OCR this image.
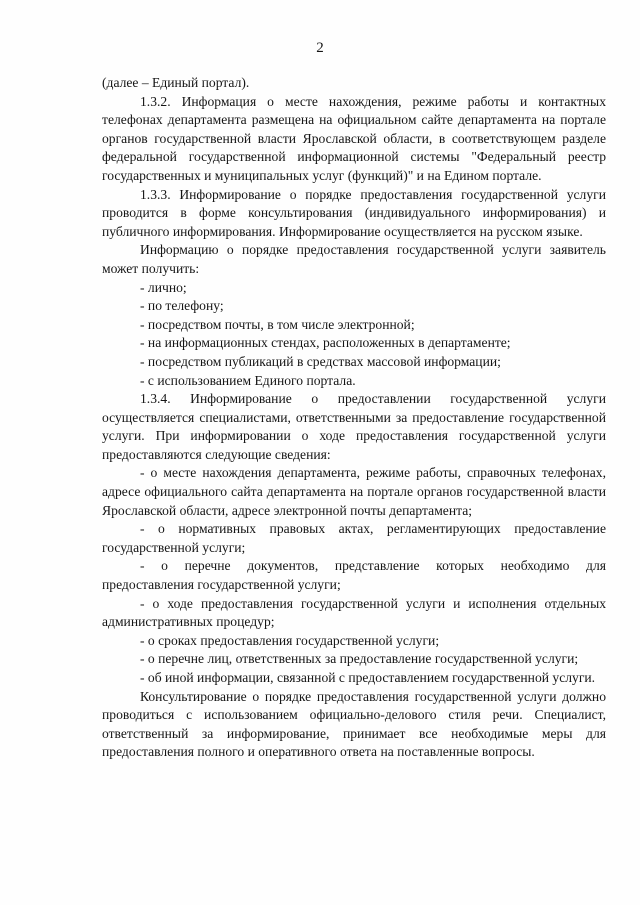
2

(далее – Единый портал).

1.3.2. Информация о месте нахождения, режиме работы и контактных телефонах департамента размещена на официальном сайте департамента на портале органов государственной власти Ярославской области, в соответствующем разделе федеральной государственной информационной системы "Федеральный реестр государственных и муниципальных услуг (функций)" и на Едином портале.

1.3.3. Информирование о порядке предоставления государственной услуги проводится в форме консультирования (индивидуального информирования) и публичного информирования. Информирование осуществляется на русском языке.

Информацию о порядке предоставления государственной услуги заявитель может получить:

- лично;

- по телефону;

- посредством почты, в том числе электронной;

- на информационных стендах, расположенных в департаменте;

- посредством публикаций в средствах массовой информации;

- с использованием Единого портала.

1.3.4. Информирование о предоставлении государственной услуги осуществляется специалистами, ответственными за предоставление государственной услуги. При информировании о ходе предоставления государственной услуги предоставляются следующие сведения:

- о месте нахождения департамента, режиме работы, справочных телефонах, адресе официального сайта департамента на портале органов государственной власти Ярославской области, адресе электронной почты департамента;

- о нормативных правовых актах, регламентирующих предоставление государственной услуги;

- о перечне документов, представление которых необходимо для предоставления государственной услуги;

- о ходе предоставления государственной услуги и исполнения отдельных административных процедур;

- о сроках предоставления государственной услуги;

- о перечне лиц, ответственных за предоставление государственной услуги;

- об иной информации, связанной с предоставлением государственной услуги.

Консультирование о порядке предоставления государственной услуги должно проводиться с использованием официально-делового стиля речи. Специалист, ответственный за информирование, принимает все необходимые меры для предоставления полного и оперативного ответа на поставленные вопросы.
